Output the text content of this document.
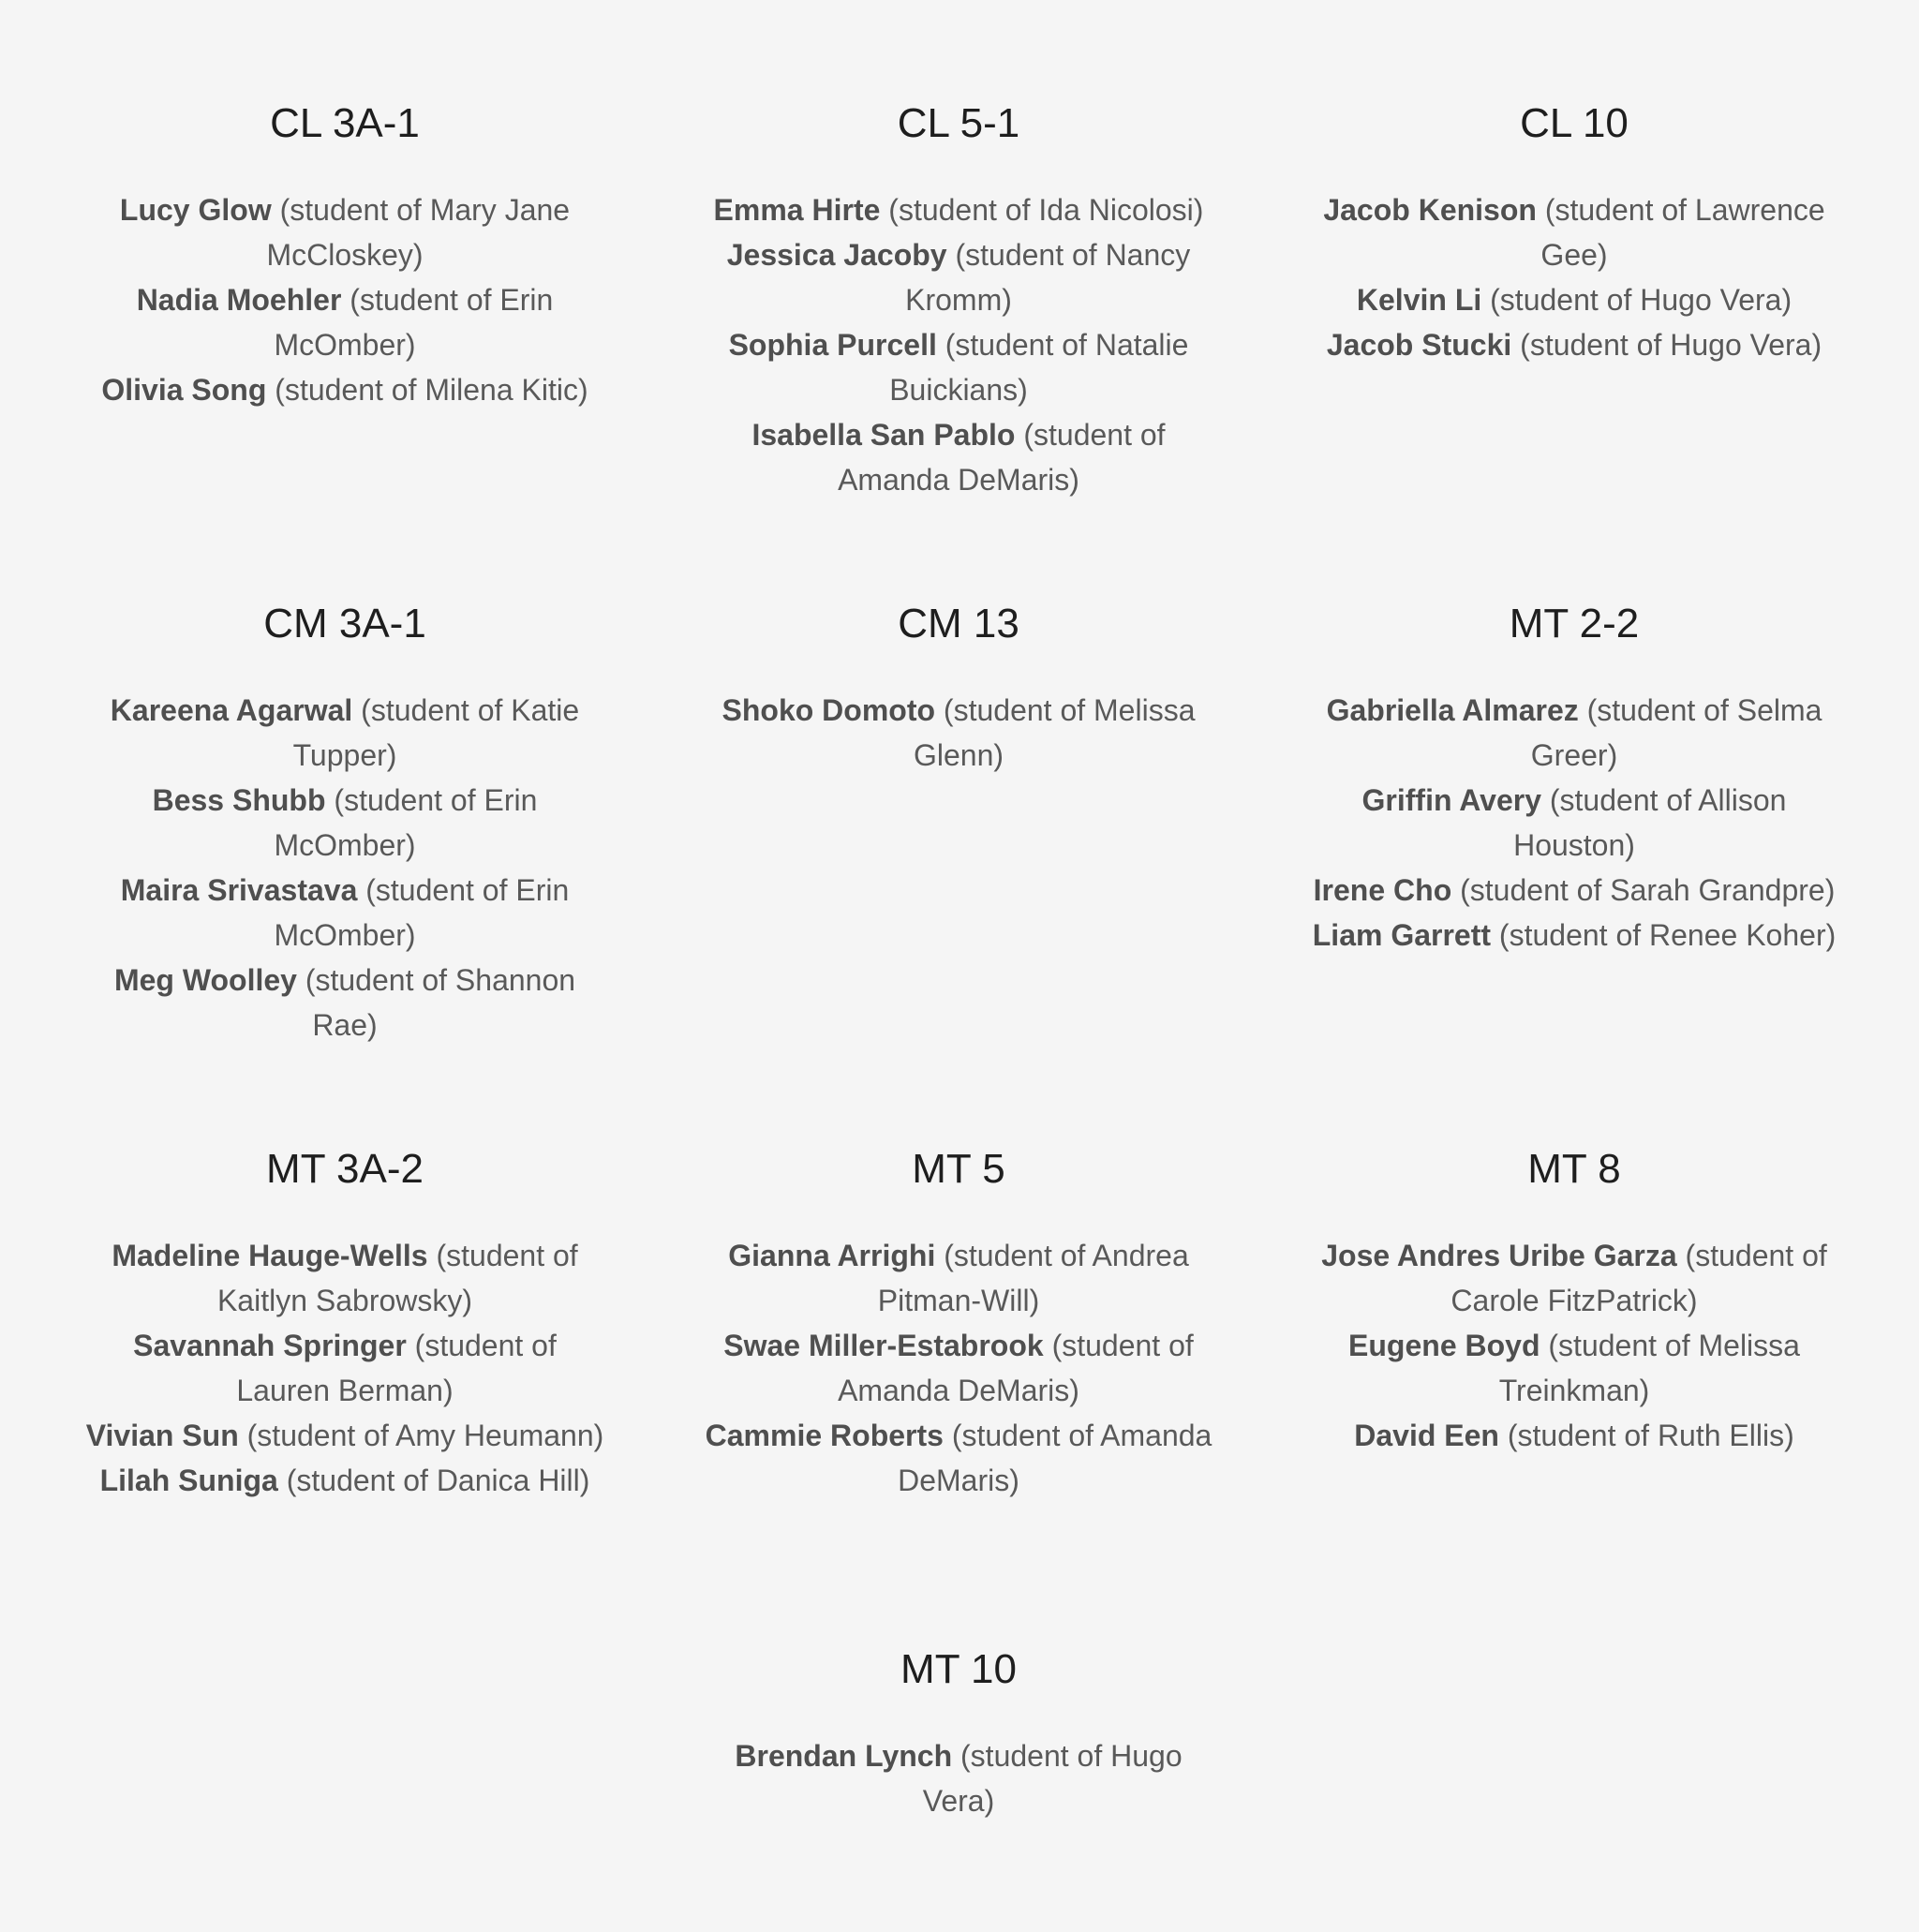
CL 3A-1
Lucy Glow (student of Mary Jane McCloskey)
Nadia Moehler (student of Erin McOmber)
Olivia Song (student of Milena Kitic)
CL 5-1
Emma Hirte (student of Ida Nicolosi)
Jessica Jacoby (student of Nancy Kromm)
Sophia Purcell (student of Natalie Buickians)
Isabella San Pablo (student of Amanda DeMaris)
CL 10
Jacob Kenison (student of Lawrence Gee)
Kelvin Li (student of Hugo Vera)
Jacob Stucki (student of Hugo Vera)
CM 3A-1
Kareena Agarwal (student of Katie Tupper)
Bess Shubb (student of Erin McOmber)
Maira Srivastava (student of Erin McOmber)
Meg Woolley (student of Shannon Rae)
CM 13
Shoko Domoto (student of Melissa Glenn)
MT 2-2
Gabriella Almarez (student of Selma Greer)
Griffin Avery (student of Allison Houston)
Irene Cho (student of Sarah Grandpre)
Liam Garrett (student of Renee Koher)
MT 3A-2
Madeline Hauge-Wells (student of Kaitlyn Sabrowsky)
Savannah Springer (student of Lauren Berman)
Vivian Sun (student of Amy Heumann)
Lilah Suniga (student of Danica Hill)
MT 5
Gianna Arrighi (student of Andrea Pitman-Will)
Swae Miller-Estabrook (student of Amanda DeMaris)
Cammie Roberts (student of Amanda DeMaris)
MT 8
Jose Andres Uribe Garza (student of Carole FitzPatrick)
Eugene Boyd (student of Melissa Treinkman)
David Een (student of Ruth Ellis)
MT 10
Brendan Lynch (student of Hugo Vera)
